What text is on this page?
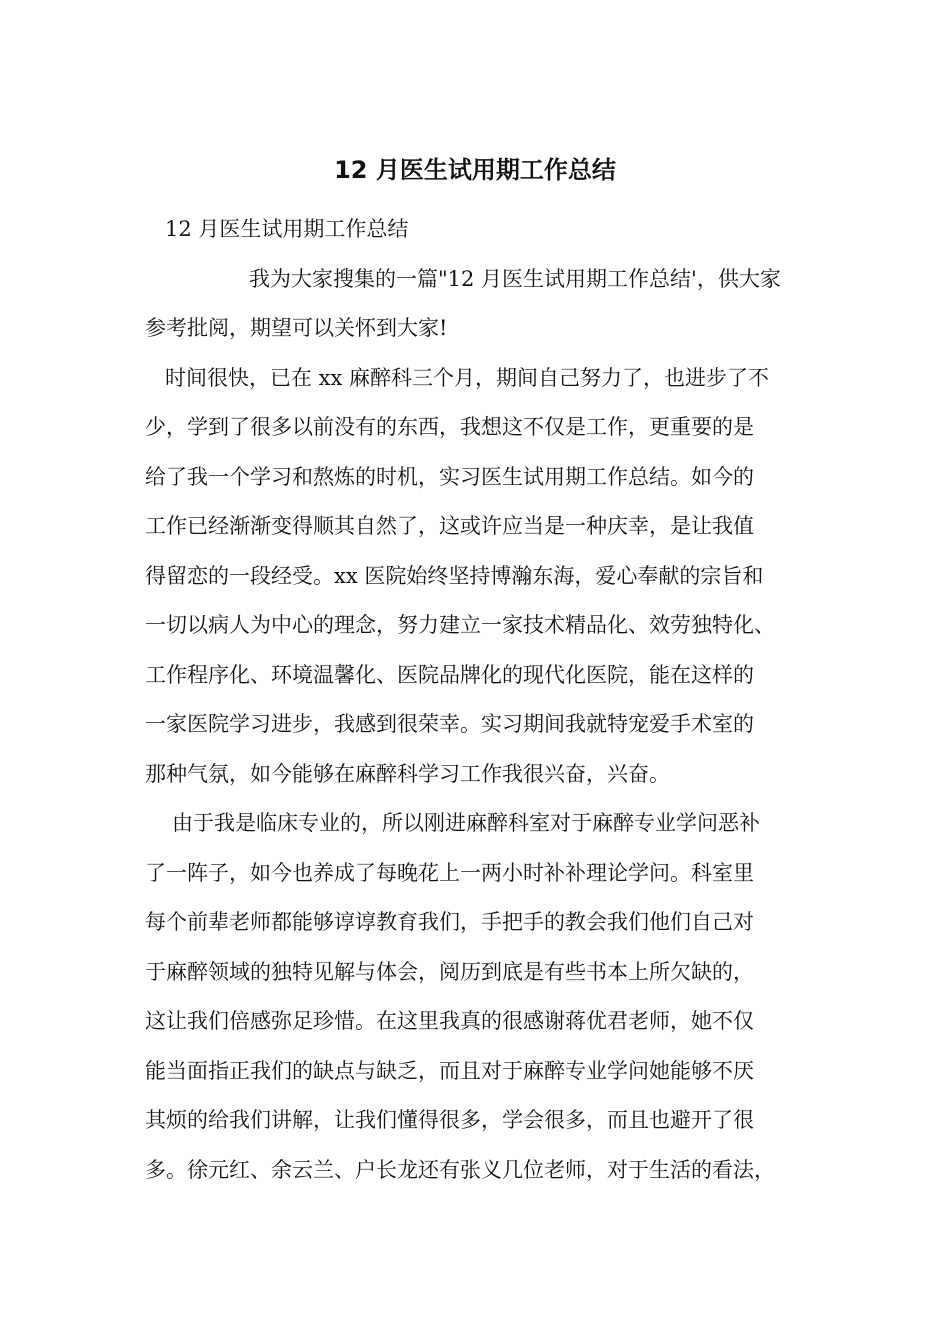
12 月医生试用期工作总结

12 月医生试用期工作总结

我为大家搜集的一篇"12 月医生试用期工作总结'，供大家

参考批阅，期望可以关怀到大家!

时间很快，已在 xx 麻醉科三个月，期间自己努力了，也进步了不

少，学到了很多以前没有的东西，我想这不仅是工作，更重要的是

给了我一个学习和熬炼的时机，实习医生试用期工作总结。如今的

工作已经渐渐变得顺其自然了，这或许应当是一种庆幸，是让我值

得留恋的一段经受。xx 医院始终坚持博瀚东海，爱心奉献的宗旨和

一切以病人为中心的理念，努力建立一家技术精品化、效劳独特化、

工作程序化、环境温馨化、医院品牌化的现代化医院，能在这样的

一家医院学习进步，我感到很荣幸。实习期间我就特宠爱手术室的

那种气氛，如今能够在麻醉科学习工作我很兴奋，兴奋。

由于我是临床专业的，所以刚进麻醉科室对于麻醉专业学问恶补

了一阵子，如今也养成了每晚花上一两小时补补理论学问。科室里

每个前辈老师都能够谆谆教育我们，手把手的教会我们他们自己对

于麻醉领域的独特见解与体会，阅历到底是有些书本上所欠缺的，

这让我们倍感弥足珍惜。在这里我真的很感谢蒋优君老师，她不仅

能当面指正我们的缺点与缺乏，而且对于麻醉专业学问她能够不厌

其烦的给我们讲解，让我们懂得很多，学会很多，而且也避开了很

多。徐元红、余云兰、户长龙还有张义几位老师，对于生活的看法，
